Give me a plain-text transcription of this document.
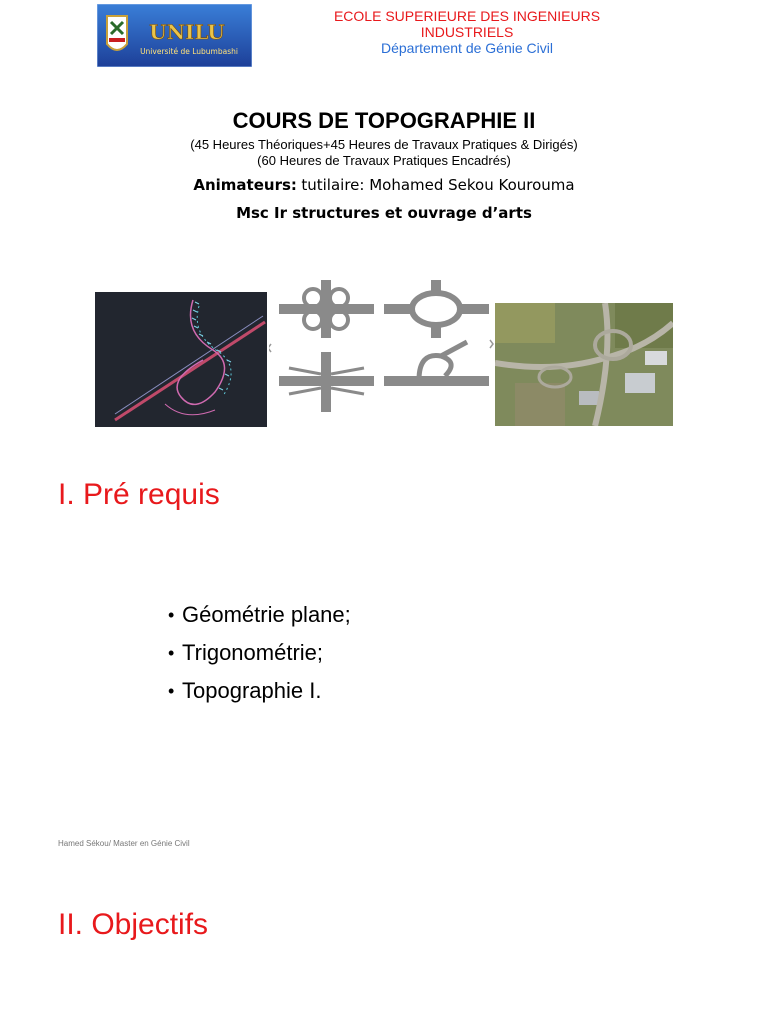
UNILU
Université de Lubumbashi
ECOLE SUPERIEURE DES INGENIEURS
INDUSTRIELS
Département de Génie Civil
COURS DE TOPOGRAPHIE II
(45 Heures Théoriques+45 Heures de Travaux Pratiques & Dirigés)
(60 Heures de Travaux Pratiques Encadrés)
Animateurs: tutilaire: Mohamed Sekou Kourouma
Msc Ir structures et ouvrage d’arts
I. Pré requis
• Géométrie plane;
• Trigonométrie;
• Topographie I.
Hamed Sékou/ Master en Génie Civil
II. Objectifs
